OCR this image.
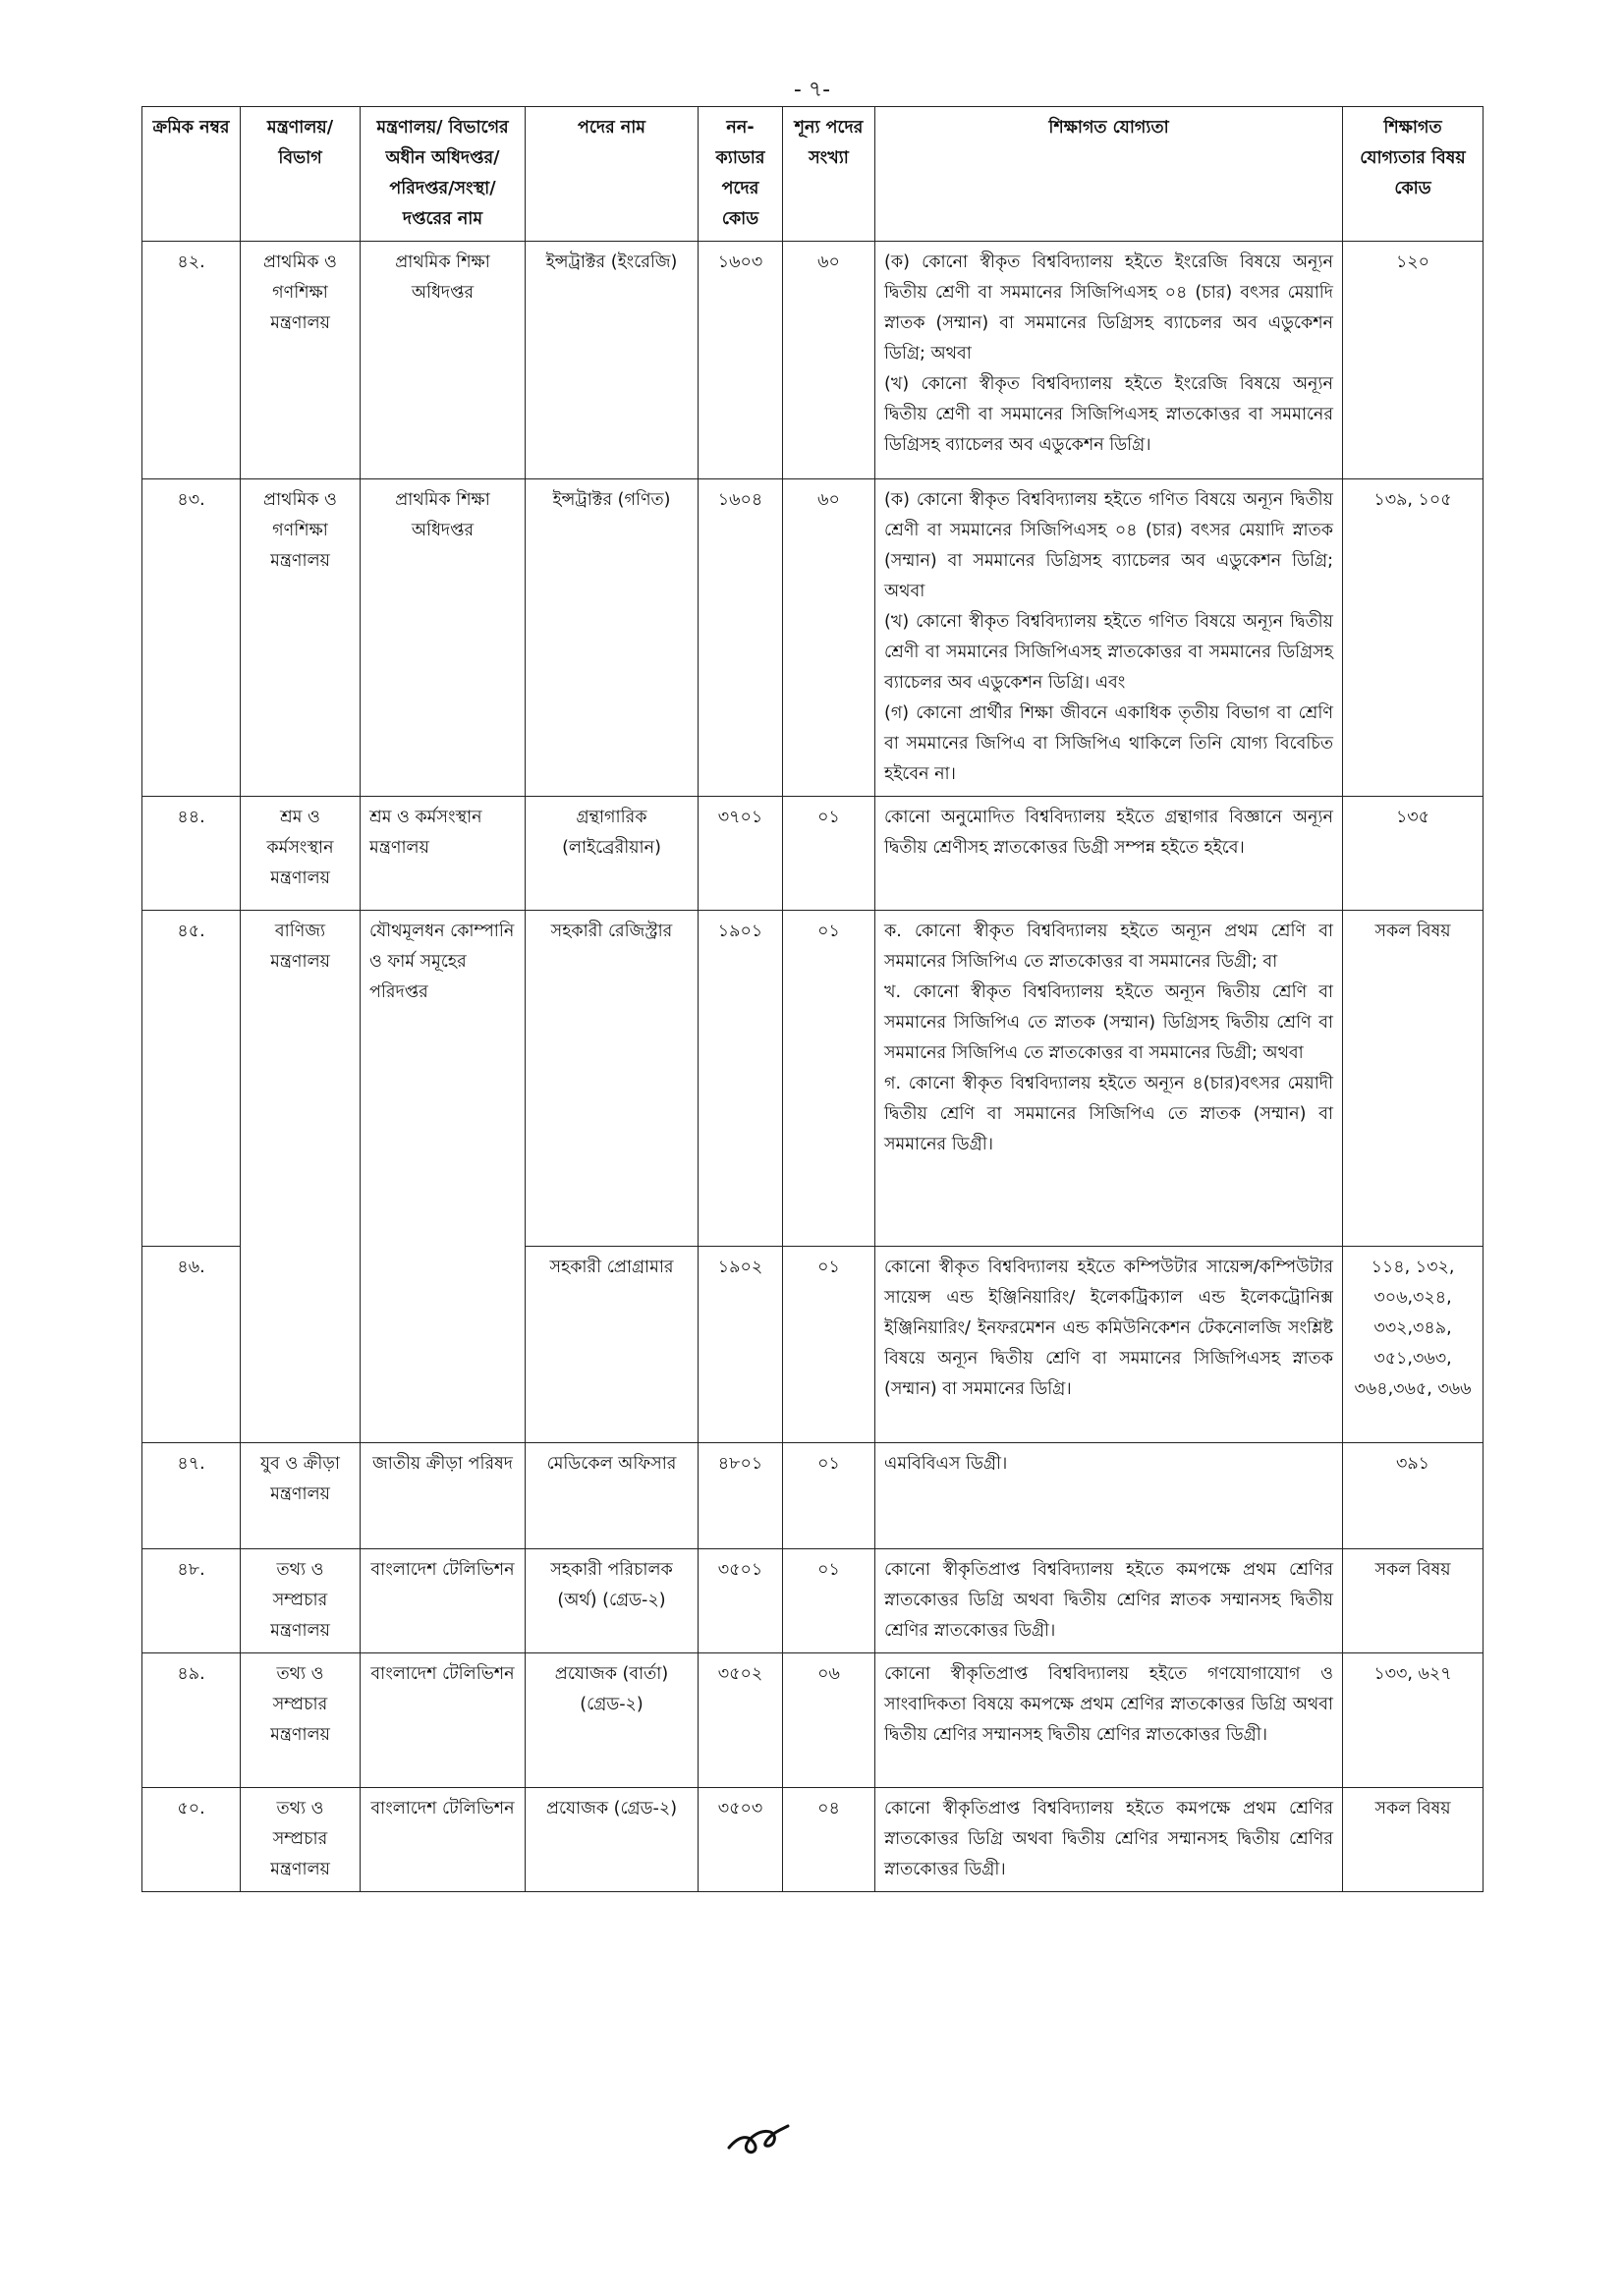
- ৭-
ক্রমিক নম্বর	মন্ত্রণালয়/ বিভাগ	মন্ত্রণালয়/ বিভাগের অধীন অধিদপ্তর/ পরিদপ্তর/সংস্থা/ দপ্তরের নাম	পদের নাম	নন- ক্যাডার পদের কোড	শূন্য পদের সংখ্যা	শিক্ষাগত যোগ্যতা	শিক্ষাগত যোগ্যতার বিষয় কোড
৪২.	প্রাথমিক ও গণশিক্ষা মন্ত্রণালয়	প্রাথমিক শিক্ষা অধিদপ্তর	ইন্সট্রাক্টর (ইংরেজি)	১৬০৩	৬০	(ক) কোনো স্বীকৃত বিশ্ববিদ্যালয় হইতে ইংরেজি বিষয়ে অন্যূন দ্বিতীয় শ্রেণী বা সমমানের সিজিপিএসহ ০৪ (চার) বৎসর মেয়াদি স্নাতক (সম্মান) বা সমমানের ডিগ্রিসহ ব্যাচেলর অব এডুকেশন ডিগ্রি; অথবা
(খ) কোনো স্বীকৃত বিশ্ববিদ্যালয় হইতে ইংরেজি বিষয়ে অন্যূন দ্বিতীয় শ্রেণী বা সমমানের সিজিপিএসহ স্নাতকোত্তর বা সমমানের ডিগ্রিসহ ব্যাচেলর অব এডুকেশন ডিগ্রি।	১২০
৪৩.	প্রাথমিক ও গণশিক্ষা মন্ত্রণালয়	প্রাথমিক শিক্ষা অধিদপ্তর	ইন্সট্রাক্টর (গণিত)	১৬০৪	৬০	(ক) কোনো স্বীকৃত বিশ্ববিদ্যালয় হইতে গণিত বিষয়ে অন্যূন দ্বিতীয় শ্রেণী বা সমমানের সিজিপিএসহ ০৪ (চার) বৎসর মেয়াদি স্নাতক (সম্মান) বা সমমানের ডিগ্রিসহ ব্যাচেলর অব এডুকেশন ডিগ্রি; অথবা
(খ) কোনো স্বীকৃত বিশ্ববিদ্যালয় হইতে গণিত বিষয়ে অন্যূন দ্বিতীয় শ্রেণী বা সমমানের সিজিপিএসহ স্নাতকোত্তর বা সমমানের ডিগ্রিসহ ব্যাচেলর অব এডুকেশন ডিগ্রি। এবং
(গ) কোনো প্রার্থীর শিক্ষা জীবনে একাধিক তৃতীয় বিভাগ বা শ্রেণি বা সমমানের জিপিএ বা সিজিপিএ থাকিলে তিনি যোগ্য বিবেচিত হইবেন না।	১৩৯, ১০৫
৪৪.	শ্রম ও কর্মসংস্থান মন্ত্রণালয়	শ্রম ও কর্মসংস্থান মন্ত্রণালয়	গ্রন্থাগারিক (লাইব্রেরীয়ান)	৩৭০১	০১	কোনো অনুমোদিত বিশ্ববিদ্যালয় হইতে গ্রন্থাগার বিজ্ঞানে অন্যূন দ্বিতীয় শ্রেণীসহ স্নাতকোত্তর ডিগ্রী সম্পন্ন হইতে হইবে।	১৩৫
৪৫.	বাণিজ্য মন্ত্রণালয়	যৌথমূলধন কোম্পানি ও ফার্ম সমূহের পরিদপ্তর	সহকারী রেজিস্ট্রার	১৯০১	০১	ক. কোনো স্বীকৃত বিশ্ববিদ্যালয় হইতে অন্যূন প্রথম শ্রেণি বা সমমানের সিজিপিএ তে স্নাতকোত্তর বা সমমানের ডিগ্রী; বা
খ. কোনো স্বীকৃত বিশ্ববিদ্যালয় হইতে অন্যূন দ্বিতীয় শ্রেণি বা সমমানের সিজিপিএ তে স্নাতক (সম্মান) ডিগ্রিসহ দ্বিতীয় শ্রেণি বা সমমানের সিজিপিএ তে স্নাতকোত্তর বা সমমানের ডিগ্রী; অথবা
গ. কোনো স্বীকৃত বিশ্ববিদ্যালয় হইতে অন্যূন ৪(চার)বৎসর মেয়াদী দ্বিতীয় শ্রেণি বা সমমানের সিজিপিএ তে স্নাতক (সম্মান) বা সমমানের ডিগ্রী।	সকল বিষয়
৪৬.			সহকারী প্রোগ্রামার	১৯০২	০১	কোনো স্বীকৃত বিশ্ববিদ্যালয় হইতে কম্পিউটার সায়েন্স/কম্পিউটার সায়েন্স এন্ড ইঞ্জিনিয়ারিং/ ইলেকট্রিক্যাল এন্ড ইলেকট্রোনিক্স ইঞ্জিনিয়ারিং/ ইনফরমেশন এন্ড কমিউনিকেশন টেকনোলজি সংশ্লিষ্ট বিষয়ে অন্যূন দ্বিতীয় শ্রেণি বা সমমানের সিজিপিএসহ স্নাতক (সম্মান) বা সমমানের ডিগ্রি।	১১৪, ১৩২, ৩০৬,৩২৪, ৩৩২,৩৪৯, ৩৫১,৩৬৩, ৩৬৪,৩৬৫, ৩৬৬
৪৭.	যুব ও ক্রীড়া মন্ত্রণালয়	জাতীয় ক্রীড়া পরিষদ	মেডিকেল অফিসার	৪৮০১	০১	এমবিবিএস ডিগ্রী।	৩৯১
৪৮.	তথ্য ও সম্প্রচার মন্ত্রণালয়	বাংলাদেশ টেলিভিশন	সহকারী পরিচালক (অর্থ) (গ্রেড-২)	৩৫০১	০১	কোনো স্বীকৃতিপ্রাপ্ত বিশ্ববিদ্যালয় হইতে কমপক্ষে প্রথম শ্রেণির স্নাতকোত্তর ডিগ্রি অথবা দ্বিতীয় শ্রেণির স্নাতক সম্মানসহ দ্বিতীয় শ্রেণির স্নাতকোত্তর ডিগ্রী।	সকল বিষয়
৪৯.	তথ্য ও সম্প্রচার মন্ত্রণালয়	বাংলাদেশ টেলিভিশন	প্রযোজক (বার্তা) (গ্রেড-২)	৩৫০২	০৬	কোনো স্বীকৃতিপ্রাপ্ত বিশ্ববিদ্যালয় হইতে গণযোগাযোগ ও সাংবাদিকতা বিষয়ে কমপক্ষে প্রথম শ্রেণির স্নাতকোত্তর ডিগ্রি অথবা দ্বিতীয় শ্রেণির সম্মানসহ দ্বিতীয় শ্রেণির স্নাতকোত্তর ডিগ্রী।	১৩৩, ৬২৭
৫০.	তথ্য ও সম্প্রচার মন্ত্রণালয়	বাংলাদেশ টেলিভিশন	প্রযোজক (গ্রেড-২)	৩৫০৩	০৪	কোনো স্বীকৃতিপ্রাপ্ত বিশ্ববিদ্যালয় হইতে কমপক্ষে প্রথম শ্রেণির স্নাতকোত্তর ডিগ্রি অথবা দ্বিতীয় শ্রেণির সম্মানসহ দ্বিতীয় শ্রেণির স্নাতকোত্তর ডিগ্রী।	সকল বিষয়
